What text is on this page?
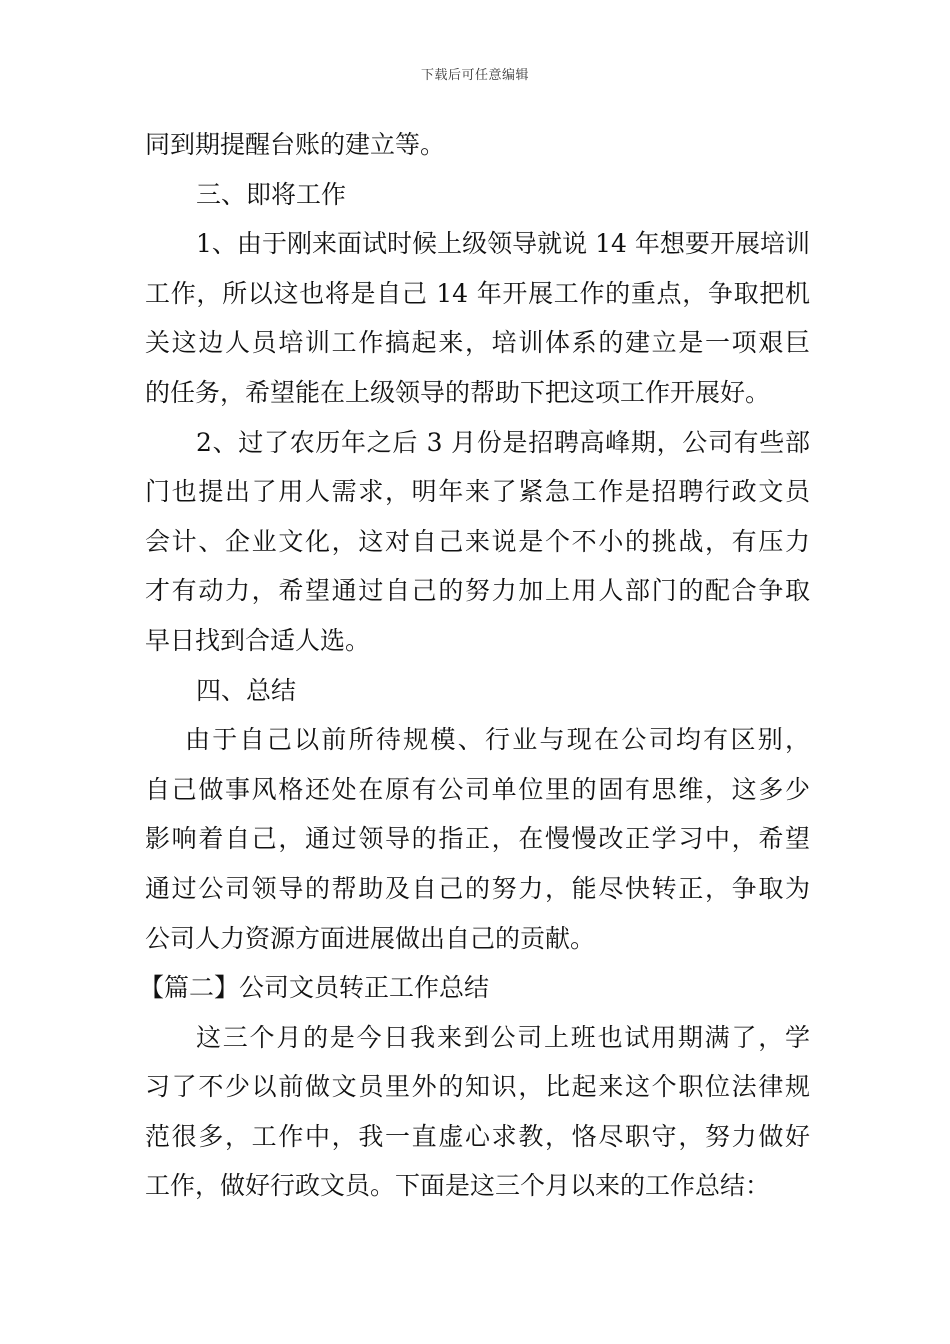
下载后可任意编辑
同到期提醒台账的建立等。
三、即将工作
1、由于刚来面试时候上级领导就说 14 年想要开展培训
工作，所以这也将是自己 14 年开展工作的重点，争取把机
关这边人员培训工作搞起来，培训体系的建立是一项艰巨
的任务，希望能在上级领导的帮助下把这项工作开展好。
2、过了农历年之后 3 月份是招聘高峰期，公司有些部
门也提出了用人需求，明年来了紧急工作是招聘行政文员
会计、企业文化，这对自己来说是个不小的挑战，有压力
才有动力，希望通过自己的努力加上用人部门的配合争取
早日找到合适人选。
四、总结
由于自己以前所待规模、行业与现在公司均有区别，
自己做事风格还处在原有公司单位里的固有思维，这多少
影响着自己，通过领导的指正，在慢慢改正学习中，希望
通过公司领导的帮助及自己的努力，能尽快转正，争取为
公司人力资源方面进展做出自己的贡献。
【篇二】公司文员转正工作总结
这三个月的是今日我来到公司上班也试用期满了，学
习了不少以前做文员里外的知识，比起来这个职位法律规
范很多，工作中，我一直虚心求教，恪尽职守，努力做好
工作，做好行政文员。下面是这三个月以来的工作总结：
